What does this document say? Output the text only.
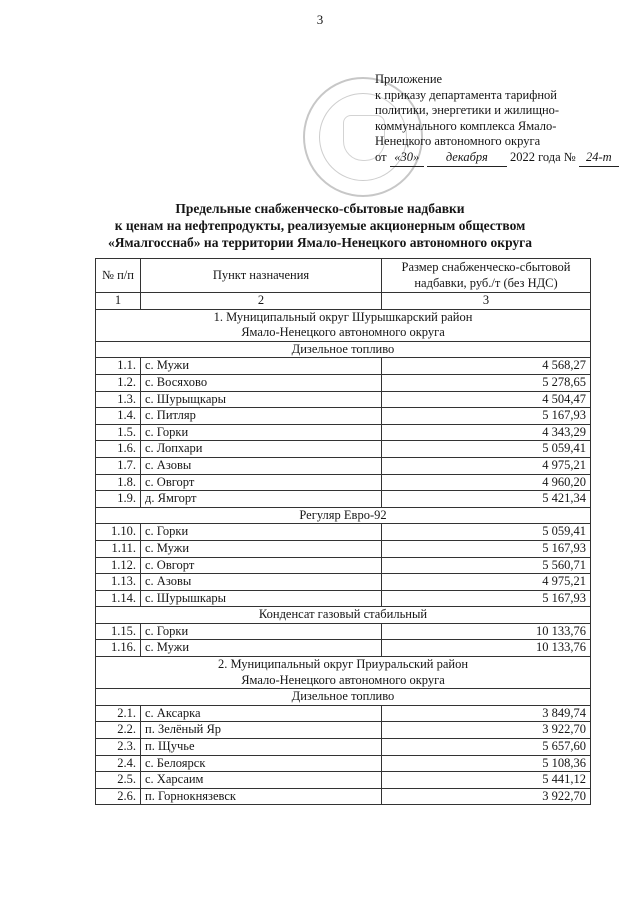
3
Приложение
к приказу департамента тарифной
политики, энергетики и жилищно-
коммунального комплекса Ямало-
Ненецкого автономного округа
от «30» декабря 2022 года № 24-т
Предельные снабженческо-сбытовые надбавки
к ценам на нефтепродукты, реализуемые акционерным обществом
«Ямалгосснаб» на территории Ямало-Ненецкого автономного округа
№ п/п	Пункт назначения	Размер снабженческо-сбытовой надбавки, руб./т (без НДС)
1	2	3

1. Муниципальный округ Шурышкарский район
Ямало-Ненецкого автономного округа		

Дизельное топливо		
1.1.	с. Мужи	4 568,27
1.2.	с. Восяхово	5 278,65
1.3.	с. Шурыщкары	4 504,47
1.4.	с. Питляр	5 167,93
1.5.	с. Горки	4 343,29
1.6.	с. Лопхари	5 059,41
1.7.	с. Азовы	4 975,21
1.8.	с. Овгорт	4 960,20
1.9.	д. Ямгорт	5 421,34
Регуляр Евро-92		
1.10.	с. Горки	5 059,41
1.11.	с. Мужи	5 167,93
1.12.	с. Овгорт	5 560,71
1.13.	с. Азовы	4 975,21
1.14.	с. Шурышкары	5 167,93
Конденсат газовый стабильный		
1.15.	с. Горки	10 133,76
1.16.	с. Мужи	10 133,76

2. Муниципальный округ Приуральский район
Ямало-Ненецкого автономного округа		

Дизельное топливо		
2.1.	с. Аксарка	3 849,74
2.2.	п. Зелёный Яр	3 922,70
2.3.	п. Щучье	5 657,60
2.4.	с. Белоярск	5 108,36
2.5.	с. Харсаим	5 441,12
2.6.	п. Горнокнязевск	3 922,70
